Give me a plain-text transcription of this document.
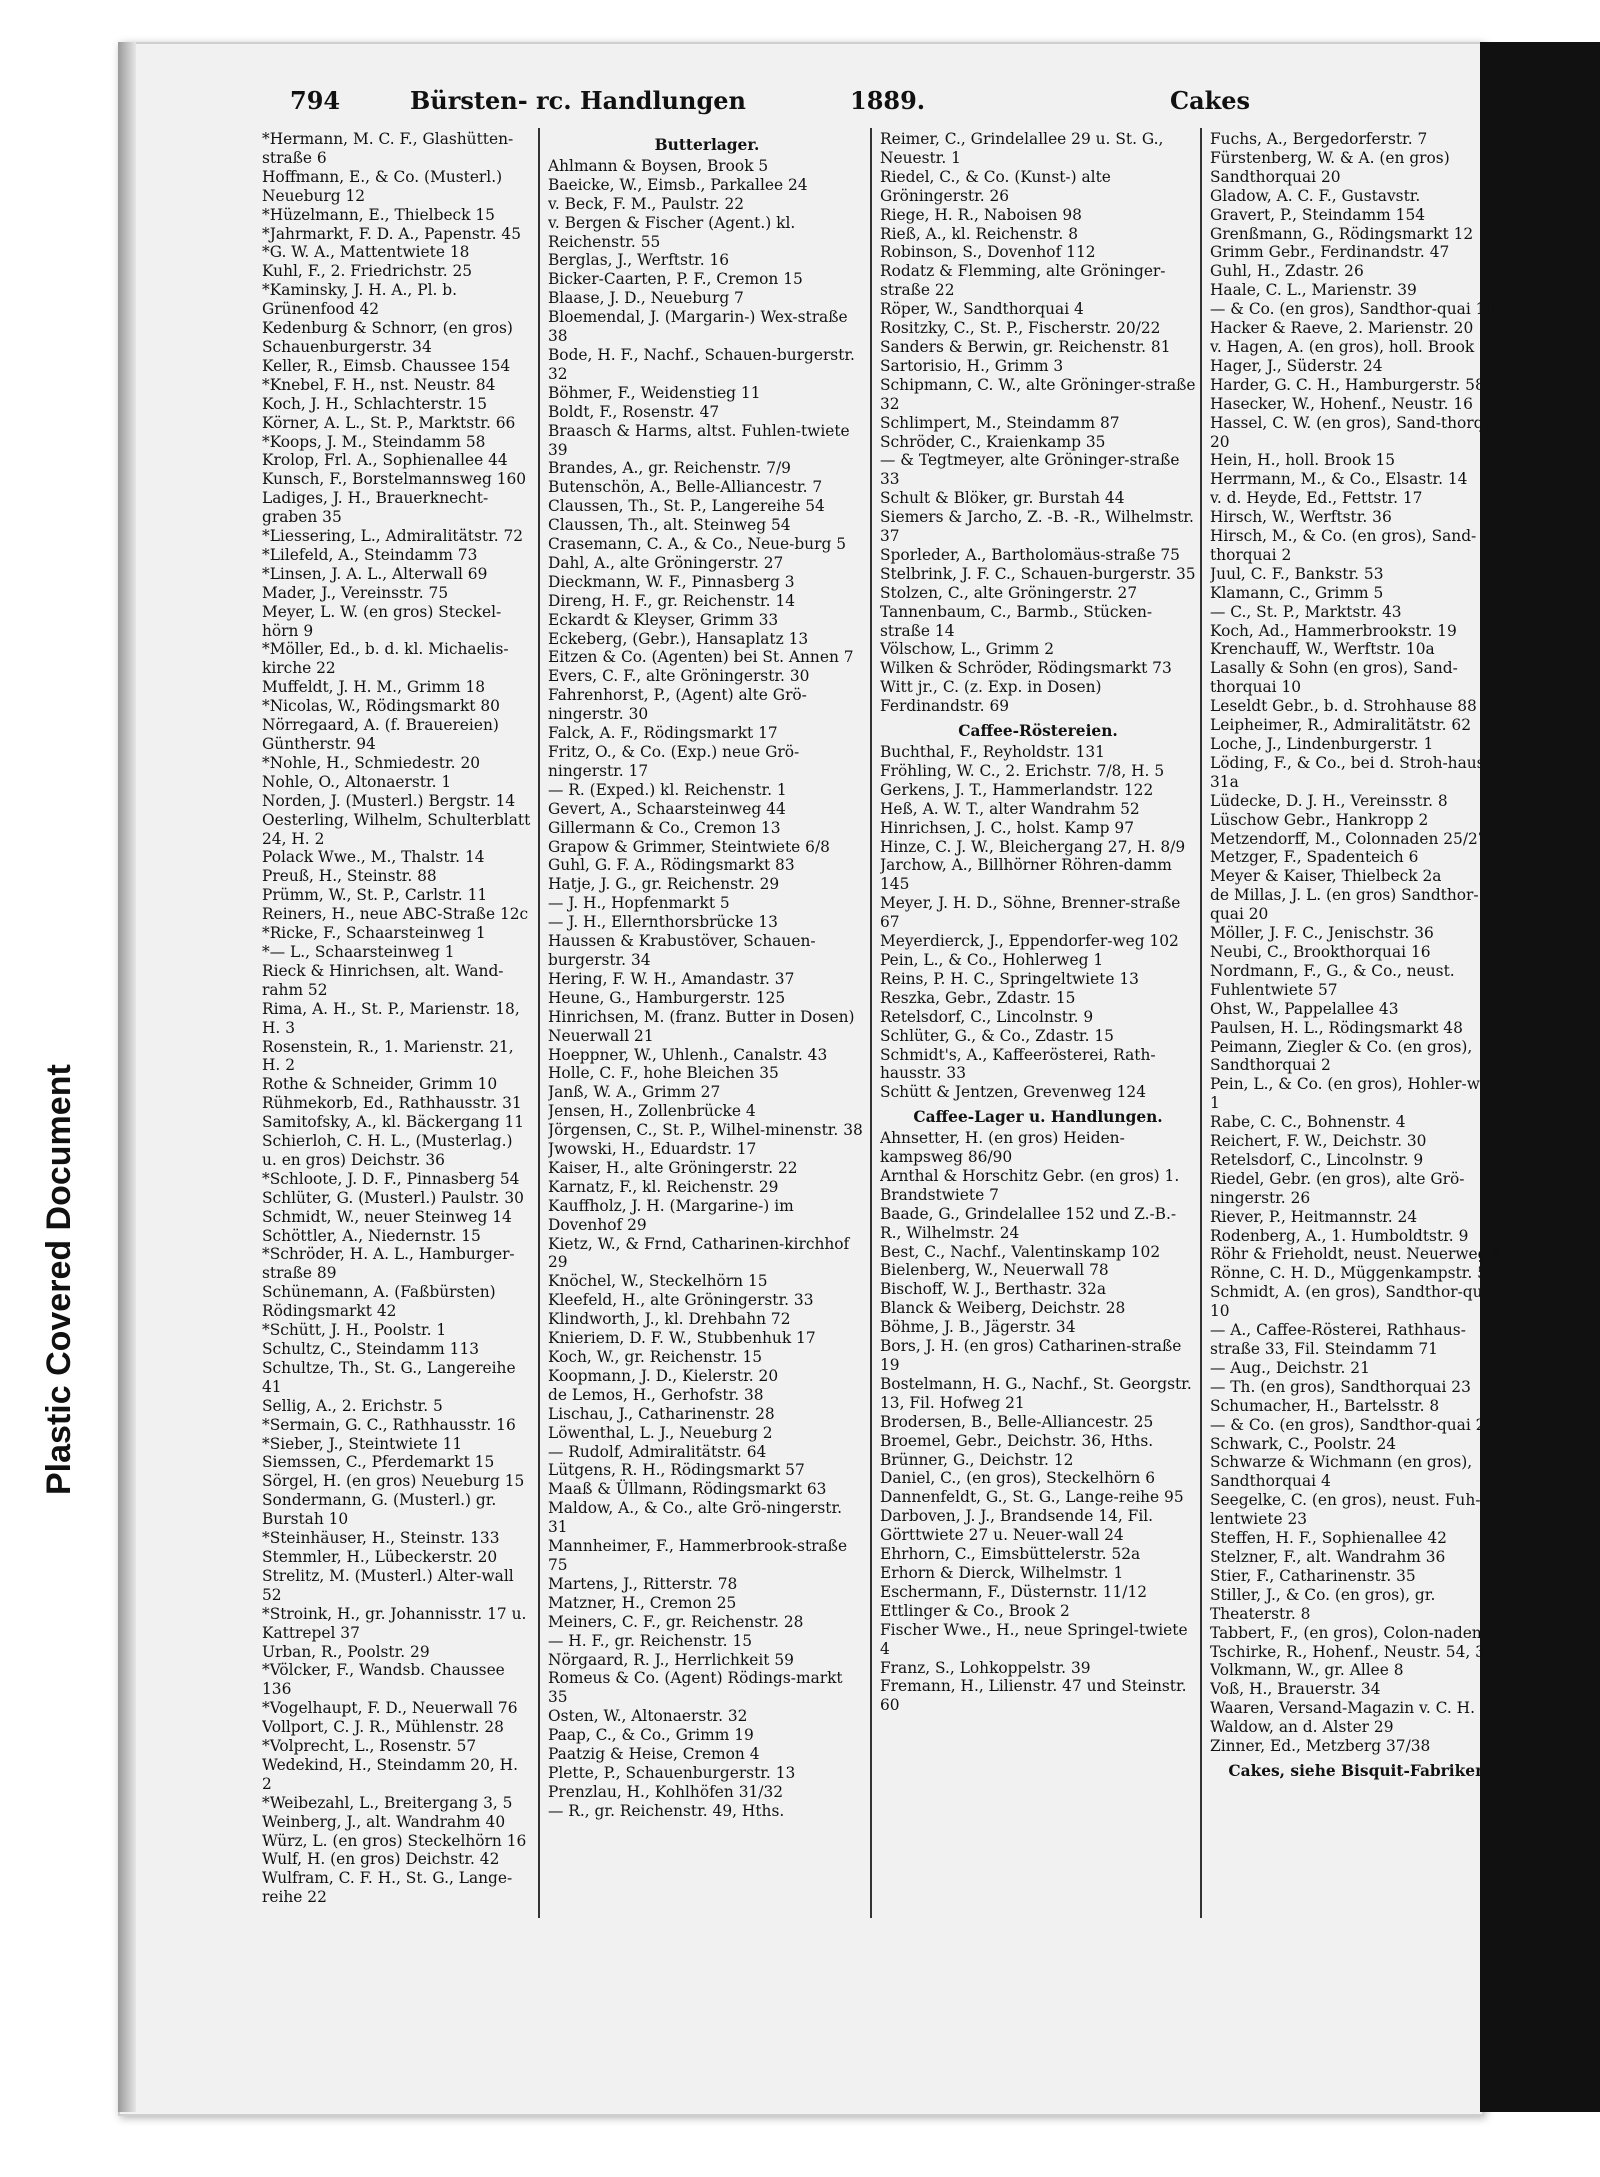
Plastic Covered Document
794	Bürsten- rc. Handlungen	1889.	Cakes
*Hermann, M. C. F., Glashütten-straße 6
Hoffmann, E., & Co. (Musterl.) Neueburg 12
*Hüzelmann, E., Thielbeck 15
*Jahrmarkt, F. D. A., Papenstr. 45
*G. W. A., Mattentwiete 18
Kuhl, F., 2. Friedrichstr. 25
*Kaminsky, J. H. A., Pl. b. Grünenfood 42
Kedenburg & Schnorr, (en gros) Schauenburgerstr. 34
Keller, R., Eimsb. Chaussee 154
*Knebel, F. H., nst. Neustr. 84
Koch, J. H., Schlachterstr. 15
Körner, A. L., St. P., Marktstr. 66
*Koops, J. M., Steindamm 58
Krolop, Frl. A., Sophienallee 44
Kunsch, F., Borstelmannsweg 160
Ladiges, J. H., Brauerknecht-graben 35
*Liessering, L., Admiralitätstr. 72
*Lilefeld, A., Steindamm 73
*Linsen, J. A. L., Alterwall 69
Mader, J., Vereinsstr. 75
Meyer, L. W. (en gros) Steckel-hörn 9
*Möller, Ed., b. d. kl. Michaelis-kirche 22
Muffeldt, J. H. M., Grimm 18
*Nicolas, W., Rödingsmarkt 80
Nörregaard, A. (f. Brauereien) Güntherstr. 94
*Nohle, H., Schmiedestr. 20
Nohle, O., Altonaerstr. 1
Norden, J. (Musterl.) Bergstr. 14
Oesterling, Wilhelm, Schulterblatt 24, H. 2
Polack Wwe., M., Thalstr. 14
Preuß, H., Steinstr. 88
Prümm, W., St. P., Carlstr. 11
Reiners, H., neue ABC-Straße 12c
*Ricke, F., Schaarsteinweg 1
*— L., Schaarsteinweg 1
Rieck & Hinrichsen, alt. Wand-rahm 52
Rima, A. H., St. P., Marienstr. 18, H. 3
Rosenstein, R., 1. Marienstr. 21, H. 2
Rothe & Schneider, Grimm 10
Rühmekorb, Ed., Rathhausstr. 31
Samitofsky, A., kl. Bäckergang 11
Schierloh, C. H. L., (Musterlag.) u. en gros) Deichstr. 36
*Schloote, J. D. F., Pinnasberg 54
Schlüter, G. (Musterl.) Paulstr. 30
Schmidt, W., neuer Steinweg 14
Schöttler, A., Niedernstr. 15
*Schröder, H. A. L., Hamburger-straße 89
Schünemann, A. (Faßbürsten) Rödingsmarkt 42
*Schütt, J. H., Poolstr. 1
Schultz, C., Steindamm 113
Schultze, Th., St. G., Langereihe 41
Sellig, A., 2. Erichstr. 5
*Sermain, G. C., Rathhausstr. 16
*Sieber, J., Steintwiete 11
Siemssen, C., Pferdemarkt 15
Sörgel, H. (en gros) Neueburg 15
Sondermann, G. (Musterl.) gr. Burstah 10
*Steinhäuser, H., Steinstr. 133
Stemmler, H., Lübeckerstr. 20
Strelitz, M. (Musterl.) Alter-wall 52
*Stroink, H., gr. Johannisstr. 17 u. Kattrepel 37
Urban, R., Poolstr. 29
*Völcker, F., Wandsb. Chaussee 136
*Vogelhaupt, F. D., Neuerwall 76
Vollport, C. J. R., Mühlenstr. 28
*Volprecht, L., Rosenstr. 57
Wedekind, H., Steindamm 20, H. 2
*Weibezahl, L., Breitergang 3, 5
Weinberg, J., alt. Wandrahm 40
Würz, L. (en gros) Steckelhörn 16
Wulf, H. (en gros) Deichstr. 42
Wulfram, C. F. H., St. G., Lange-reihe 22
Butterlager.
Ahlmann & Boysen, Brook 5
Baeicke, W., Eimsb., Parkallee 24
v. Beck, F. M., Paulstr. 22
v. Bergen & Fischer (Agent.) kl. Reichenstr. 55
Berglas, J., Werftstr. 16
Bicker-Caarten, P. F., Cremon 15
Blaase, J. D., Neueburg 7
Bloemendal, J. (Margarin-) Wex-straße 38
Bode, H. F., Nachf., Schauen-burgerstr. 32
Böhmer, F., Weidenstieg 11
Boldt, F., Rosenstr. 47
Braasch & Harms, altst. Fuhlen-twiete 39
Brandes, A., gr. Reichenstr. 7/9
Butenschön, A., Belle-Alliancestr. 7
Claussen, Th., St. P., Langereihe 54
Claussen, Th., alt. Steinweg 54
Crasemann, C. A., & Co., Neue-burg 5
Dahl, A., alte Gröningerstr. 27
Dieckmann, W. F., Pinnasberg 3
Direng, H. F., gr. Reichenstr. 14
Eckardt & Kleyser, Grimm 33
Eckeberg, (Gebr.), Hansaplatz 13
Eitzen & Co. (Agenten) bei St. Annen 7
Evers, C. F., alte Gröningerstr. 30
Fahrenhorst, P., (Agent) alte Grö-ningerstr. 30
Falck, A. F., Rödingsmarkt 17
Fritz, O., & Co. (Exp.) neue Grö-ningerstr. 17
— R. (Exped.) kl. Reichenstr. 1
Gevert, A., Schaarsteinweg 44
Gillermann & Co., Cremon 13
Grapow & Grimmer, Steintwiete 6/8
Guhl, G. F. A., Rödingsmarkt 83
Hatje, J. G., gr. Reichenstr. 29
— J. H., Hopfenmarkt 5
— J. H., Ellernthorsbrücke 13
Haussen & Krabustöver, Schauen-burgerstr. 34
Hering, F. W. H., Amandastr. 37
Heune, G., Hamburgerstr. 125
Hinrichsen, M. (franz. Butter in Dosen) Neuerwall 21
Hoeppner, W., Uhlenh., Canalstr. 43
Holle, C. F., hohe Bleichen 35
Janß, W. A., Grimm 27
Jensen, H., Zollenbrücke 4
Jörgensen, C., St. P., Wilhel-minenstr. 38
Jwowski, H., Eduardstr. 17
Kaiser, H., alte Gröningerstr. 22
Karnatz, F., kl. Reichenstr. 29
Kauffholz, J. H. (Margarine-) im Dovenhof 29
Kietz, W., & Frnd, Catharinen-kirchhof 29
Knöchel, W., Steckelhörn 15
Kleefeld, H., alte Gröningerstr. 33
Klindworth, J., kl. Drehbahn 72
Knieriem, D. F. W., Stubbenhuk 17
Koch, W., gr. Reichenstr. 15
Koopmann, J. D., Kielerstr. 20
de Lemos, H., Gerhofstr. 38
Lischau, J., Catharinenstr. 28
Löwenthal, L. J., Neueburg 2
— Rudolf, Admiralitätstr. 64
Lütgens, R. H., Rödingsmarkt 57
Maaß & Üllmann, Rödingsmarkt 63
Maldow, A., & Co., alte Grö-ningerstr. 31
Mannheimer, F., Hammerbrook-straße 75
Martens, J., Ritterstr. 78
Matzner, H., Cremon 25
Meiners, C. F., gr. Reichenstr. 28
— H. F., gr. Reichenstr. 15
Nörgaard, R. J., Herrlichkeit 59
Romeus & Co. (Agent) Rödings-markt 35
Osten, W., Altonaerstr. 32
Paap, C., & Co., Grimm 19
Paatzig & Heise, Cremon 4
Plette, P., Schauenburgerstr. 13
Prenzlau, H., Kohlhöfen 31/32
— R., gr. Reichenstr. 49, Hths.
Reimer, C., Grindelallee 29 u. St. G., Neuestr. 1
Riedel, C., & Co. (Kunst-) alte Gröningerstr. 26
Riege, H. R., Naboisen 98
Rieß, A., kl. Reichenstr. 8
Robinson, S., Dovenhof 112
Rodatz & Flemming, alte Gröninger-straße 22
Röper, W., Sandthorquai 4
Rositzky, C., St. P., Fischerstr. 20/22
Sanders & Berwin, gr. Reichenstr. 81
Sartorisio, H., Grimm 3
Schipmann, C. W., alte Gröninger-straße 32
Schlimpert, M., Steindamm 87
Schröder, C., Kraienkamp 35
— & Tegtmeyer, alte Gröninger-straße 33
Schult & Blöker, gr. Burstah 44
Siemers & Jarcho, Z. -B. -R., Wilhelmstr. 37
Sporleder, A., Bartholomäus-straße 75
Stelbrink, J. F. C., Schauen-burgerstr. 35
Stolzen, C., alte Gröningerstr. 27
Tannenbaum, C., Barmb., Stücken-straße 14
Völschow, L., Grimm 2
Wilken & Schröder, Rödingsmarkt 73
Witt jr., C. (z. Exp. in Dosen) Ferdinandstr. 69
Caffee-Röstereien.
Buchthal, F., Reyholdstr. 131
Fröhling, W. C., 2. Erichstr. 7/8, H. 5
Gerkens, J. T., Hammerlandstr. 122
Heß, A. W. T., alter Wandrahm 52
Hinrichsen, J. C., holst. Kamp 97
Hinze, C. J. W., Bleichergang 27, H. 8/9
Jarchow, A., Billhörner Röhren-damm 145
Meyer, J. H. D., Söhne, Brenner-straße 67
Meyerdierck, J., Eppendorfer-weg 102
Pein, L., & Co., Hohlerweg 1
Reins, P. H. C., Springeltwiete 13
Reszka, Gebr., Zdastr. 15
Retelsdorf, C., Lincolnstr. 9
Schlüter, G., & Co., Zdastr. 15
Schmidt's, A., Kaffeerösterei, Rath-hausstr. 33
Schütt & Jentzen, Grevenweg 124
Caffee-Lager u. Handlungen.
Ahnsetter, H. (en gros) Heiden-kampsweg 86/90
Arnthal & Horschitz Gebr. (en gros) 1. Brandstwiete 7
Baade, G., Grindelallee 152 und Z.-B.-R., Wilhelmstr. 24
Best, C., Nachf., Valentinskamp 102
Bielenberg, W., Neuerwall 78
Bischoff, W. J., Berthastr. 32a
Blanck & Weiberg, Deichstr. 28
Böhme, J. B., Jägerstr. 34
Bors, J. H. (en gros) Catharinen-straße 19
Bostelmann, H. G., Nachf., St. Georgstr. 13, Fil. Hofweg 21
Brodersen, B., Belle-Alliancestr. 25
Broemel, Gebr., Deichstr. 36, Hths.
Brünner, G., Deichstr. 12
Daniel, C., (en gros), Steckelhörn 6
Dannenfeldt, G., St. G., Lange-reihe 95
Darboven, J. J., Brandsende 14, Fil. Görttwiete 27 u. Neuer-wall 24
Ehrhorn, C., Eimsbüttelerstr. 52a
Erhorn & Dierck, Wilhelmstr. 1
Eschermann, F., Düsternstr. 11/12
Ettlinger & Co., Brook 2
Fischer Wwe., H., neue Springel-twiete 4
Franz, S., Lohkoppelstr. 39
Fremann, H., Lilienstr. 47 und Steinstr. 60
Fuchs, A., Bergedorferstr. 7
Fürstenberg, W. & A. (en gros) Sandthorquai 20
Gladow, A. C. F., Gustavstr.
Gravert, P., Steindamm 154
Grenßmann, G., Rödingsmarkt 12
Grimm Gebr., Ferdinandstr. 47
Guhl, H., Zdastr. 26
Haale, C. L., Marienstr. 39
— & Co. (en gros), Sandthor-quai 10
Hacker & Raeve, 2. Marienstr. 20
v. Hagen, A. (en gros), holl. Brook 24
Hager, J., Süderstr. 24
Harder, G. C. H., Hamburgerstr. 58
Hasecker, W., Hohenf., Neustr. 16
Hassel, C. W. (en gros), Sand-thorquai 20
Hein, H., holl. Brook 15
Herrmann, M., & Co., Elsastr. 14
v. d. Heyde, Ed., Fettstr. 17
Hirsch, W., Werftstr. 36
Hirsch, M., & Co. (en gros), Sand-thorquai 2
Juul, C. F., Bankstr. 53
Klamann, C., Grimm 5
— C., St. P., Marktstr. 43
Koch, Ad., Hammerbrookstr. 19
Krenchauff, W., Werftstr. 10a
Lasally & Sohn (en gros), Sand-thorquai 10
Leseldt Gebr., b. d. Strohhause 88
Leipheimer, R., Admiralitätstr. 62
Loche, J., Lindenburgerstr. 1
Löding, F., & Co., bei d. Stroh-hause 31a
Lüdecke, D. J. H., Vereinsstr. 8
Lüschow Gebr., Hankropp 2
Metzendorff, M., Colonnaden 25/27
Metzger, F., Spadenteich 6
Meyer & Kaiser, Thielbeck 2a
de Millas, J. L. (en gros) Sandthor-quai 20
Möller, J. F. C., Jenischstr. 36
Neubi, C., Brookthorquai 16
Nordmann, F., G., & Co., neust. Fuhlentwiete 57
Ohst, W., Pappelallee 43
Paulsen, H. L., Rödingsmarkt 48
Peimann, Ziegler & Co. (en gros), Sandthorquai 2
Pein, L., & Co. (en gros), Hohler-weg 1
Rabe, C. C., Bohnenstr. 4
Reichert, F. W., Deichstr. 30
Retelsdorf, C., Lincolnstr. 9
Riedel, Gebr. (en gros), alte Grö-ningerstr. 26
Riever, P., Heitmannstr. 24
Rodenberg, A., 1. Humboldtstr. 9
Röhr & Frieholdt, neust. Neuerweg 4
Rönne, C. H. D., Müggenkampstr. 52
Schmidt, A. (en gros), Sandthor-quai 10
— A., Caffee-Rösterei, Rathhaus-straße 33, Fil. Steindamm 71
— Aug., Deichstr. 21
— Th. (en gros), Sandthorquai 23
Schumacher, H., Bartelsstr. 8
— & Co. (en gros), Sandthor-quai 27
Schwark, C., Poolstr. 24
Schwarze & Wichmann (en gros), Sandthorquai 4
Seegelke, C. (en gros), neust. Fuh-lentwiete 23
Steffen, H. F., Sophienallee 42
Stelzner, F., alt. Wandrahm 36
Stier, F., Catharinenstr. 35
Stiller, J., & Co. (en gros), gr. Theaterstr. 8
Tabbert, F., (en gros), Colon-naden 36
Tschirke, R., Hohenf., Neustr. 54, 37
Volkmann, W., gr. Allee 8
Voß, H., Brauerstr. 34
Waaren, Versand-Magazin v. C. H. Waldow, an d. Alster 29
Zinner, Ed., Metzberg 37/38
Cakes, siehe Bisquit-Fabriken.
